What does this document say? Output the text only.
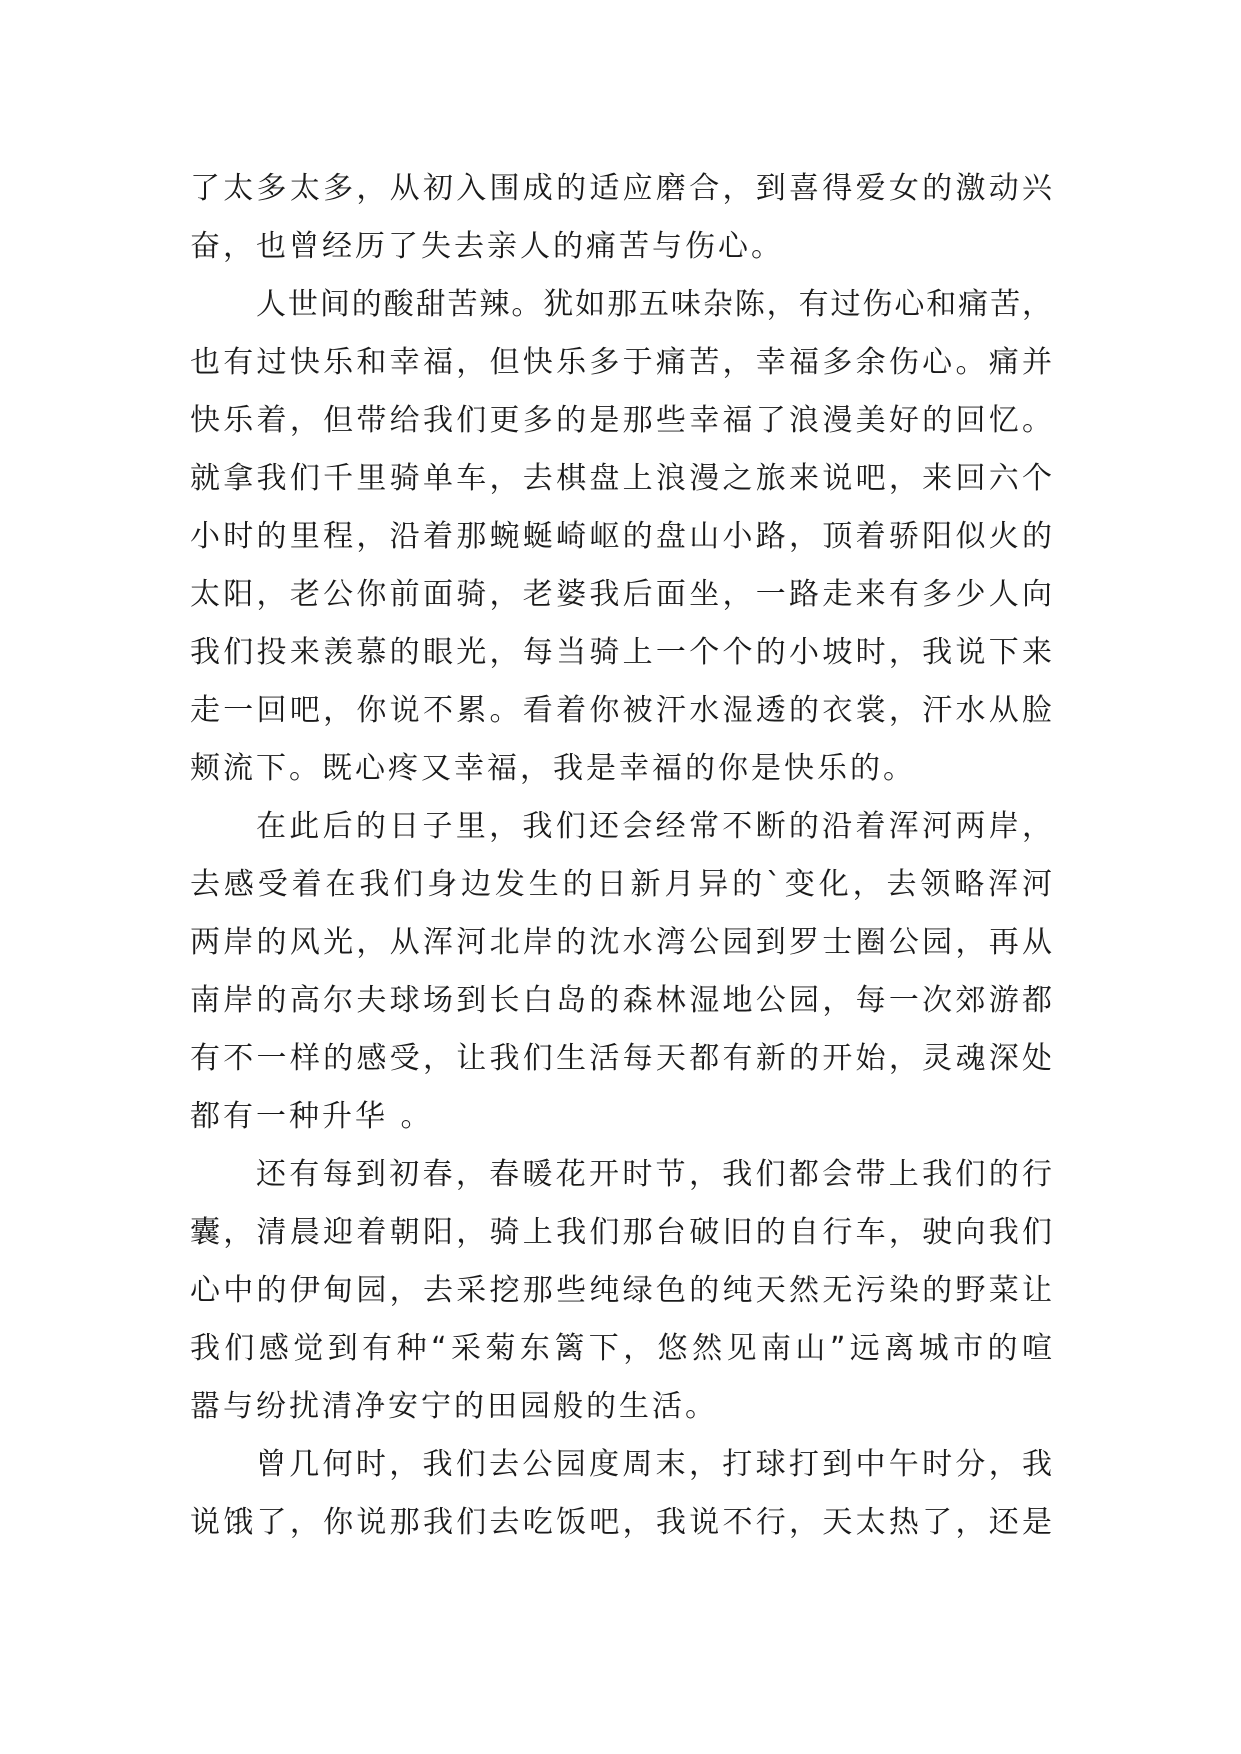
了太多太多，从初入围成的适应磨合，到喜得爱女的激动兴
奋，也曾经历了失去亲人的痛苦与伤心。
人世间的酸甜苦辣。犹如那五味杂陈，有过伤心和痛苦，
也有过快乐和幸福，但快乐多于痛苦，幸福多余伤心。痛并
快乐着，但带给我们更多的是那些幸福了浪漫美好的回忆。
就拿我们千里骑单车，去棋盘上浪漫之旅来说吧，来回六个
小时的里程，沿着那蜿蜒崎岖的盘山小路，顶着骄阳似火的
太阳，老公你前面骑，老婆我后面坐，一路走来有多少人向
我们投来羡慕的眼光，每当骑上一个个的小坡时，我说下来
走一回吧，你说不累。看着你被汗水湿透的衣裳，汗水从脸
颊流下。既心疼又幸福，我是幸福的你是快乐的。
在此后的日子里，我们还会经常不断的沿着浑河两岸，
去感受着在我们身边发生的日新月异的`变化，去领略浑河
两岸的风光，从浑河北岸的沈水湾公园到罗士圈公园，再从
南岸的高尔夫球场到长白岛的森林湿地公园，每一次郊游都
有不一样的感受，让我们生活每天都有新的开始，灵魂深处
都有一种升华 。
还有每到初春，春暖花开时节，我们都会带上我们的行
囊，清晨迎着朝阳，骑上我们那台破旧的自行车，驶向我们
心中的伊甸园，去采挖那些纯绿色的纯天然无污染的野菜让
我们感觉到有种“采菊东篱下，悠然见南山”远离城市的喧
嚣与纷扰清净安宁的田园般的生活。
曾几何时，我们去公园度周末，打球打到中午时分，我
说饿了，你说那我们去吃饭吧，我说不行，天太热了，还是
